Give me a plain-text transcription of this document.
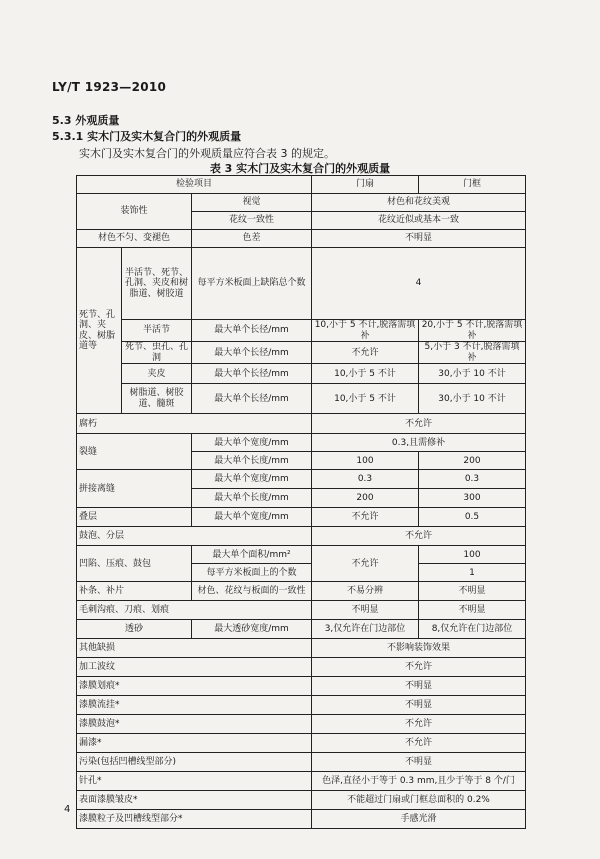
LY/T 1923—2010
5.3 外观质量
5.3.1 实木门及实木复合门的外观质量
实木门及实木复合门的外观质量应符合表 3 的规定。
表 3 实木门及实木复合门的外观质量
检验项目			门扇	门框
装饰性		视觉	材色和花纹美观	
		花纹一致性	花纹近似或基本一致	
材色不匀、变褪色		色差	不明显	
死节、孔洞、夹皮、树脂道等	半活节、死节、孔洞、夹皮和树脂道、树胶道	每平方米板面上缺陷总个数	4	
	半活节	最大单个长径/mm	10,小于 5 不计,脱落需填补	20,小于 5 不计,脱落需填补
	死节、虫孔、孔洞	最大单个长径/mm	不允许	5,小于 3 不计,脱落需填补
	夹皮	最大单个长径/mm	10,小于 5 不计	30,小于 10 不计
	树脂道、树胶道、髓斑	最大单个长径/mm	10,小于 5 不计	30,小于 10 不计
腐朽			不允许	
裂缝		最大单个宽度/mm	0.3,且需修补	
		最大单个长度/mm	100	200
拼接离缝		最大单个宽度/mm	0.3	0.3
		最大单个长度/mm	200	300
叠层		最大单个宽度/mm	不允许	0.5
鼓泡、分层			不允许	
凹陷、压痕、鼓包		最大单个面积/mm²	不允许	100
		每平方米板面上的个数		1
补条、补片		材色、花纹与板面的一致性	不易分辨	不明显
毛刺沟痕、刀痕、划痕			不明显	不明显
透砂		最大透砂宽度/mm	3,仅允许在门边部位	8,仅允许在门边部位
其他缺损			不影响装饰效果	
加工波纹			不允许	
漆膜划痕*			不明显	
漆膜流挂*			不明显	
漆膜鼓泡*			不允许	
漏漆*			不允许	
污染(包括凹槽线型部分)			不明显	
针孔*			色泽,直径小于等于 0.3 mm,且少于等于 8 个/门	
表面漆膜皱皮*			不能超过门扇或门框总面积的 0.2%	
漆膜粒子及凹槽线型部分*			手感光滑	
4
